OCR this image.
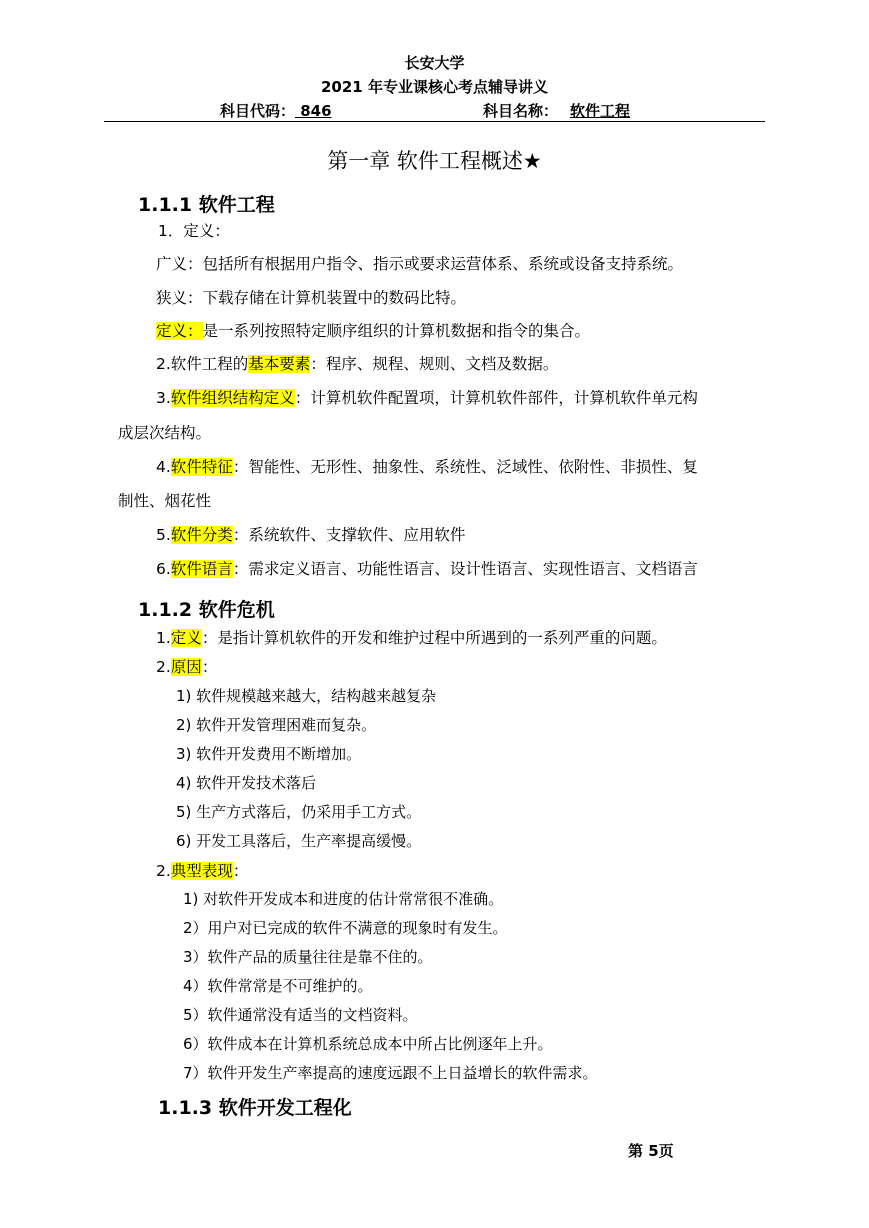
长安大学
2021 年专业课核心考点辅导讲义
科目代码： 846	科目名称： 软件工程
第一章 软件工程概述★
1.1.1 软件工程
1．定义：
广义：包括所有根据用户指令、指示或要求运营体系、系统或设备支持系统。
狭义：下载存储在计算机装置中的数码比特。
定义：是一系列按照特定顺序组织的计算机数据和指令的集合。
2.软件工程的基本要素：程序、规程、规则、文档及数据。
3.软件组织结构定义：计算机软件配置项，计算机软件部件，计算机软件单元构
成层次结构。
4.软件特征：智能性、无形性、抽象性、系统性、泛域性、依附性、非损性、复
制性、烟花性
5.软件分类：系统软件、支撑软件、应用软件
6.软件语言：需求定义语言、功能性语言、设计性语言、实现性语言、文档语言
1.1.2 软件危机
1.定义：是指计算机软件的开发和维护过程中所遇到的一系列严重的问题。
2.原因：
1) 软件规模越来越大，结构越来越复杂
2) 软件开发管理困难而复杂。
3) 软件开发费用不断增加。
4) 软件开发技术落后
5) 生产方式落后，仍采用手工方式。
6) 开发工具落后，生产率提高缓慢。
2.典型表现：
1) 对软件开发成本和进度的估计常常很不准确。
2）用户对已完成的软件不满意的现象时有发生。
3）软件产品的质量往往是靠不住的。
4）软件常常是不可维护的。
5）软件通常没有适当的文档资料。
6）软件成本在计算机系统总成本中所占比例逐年上升。
7）软件开发生产率提高的速度远跟不上日益增长的软件需求。
1.1.3 软件开发工程化
第 5页
